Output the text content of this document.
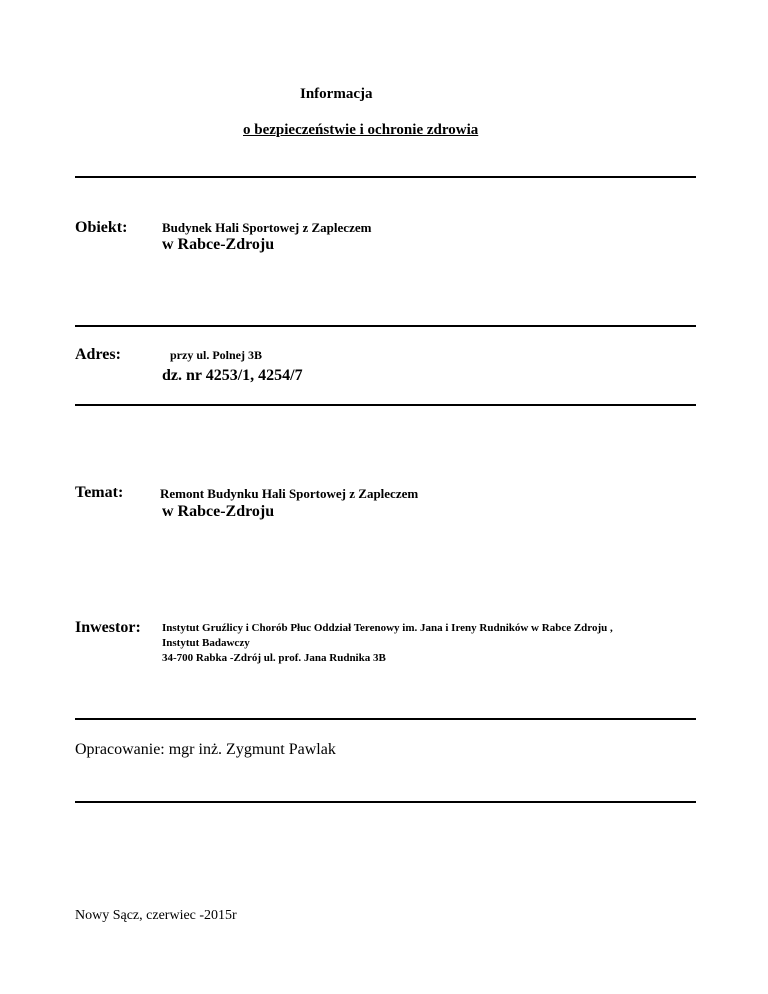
Informacja
o bezpieczeństwie i ochronie zdrowia
Obiekt:	Budynek Hali Sportowej z Zapleczem
w Rabce-Zdroju
Adres:	przy ul. Polnej 3B
dz. nr 4253/1, 4254/7
Temat:	Remont Budynku Hali Sportowej z Zapleczem
w Rabce-Zdroju
Inwestor: Instytut Gruźlicy i Chorób Płuc Oddział Terenowy im. Jana i Ireny Rudników w Rabce Zdroju ,
Instytut Badawczy
34-700 Rabka -Zdrój ul. prof. Jana Rudnika 3B
Opracowanie: mgr inż. Zygmunt Pawlak
Nowy Sącz, czerwiec -2015r
